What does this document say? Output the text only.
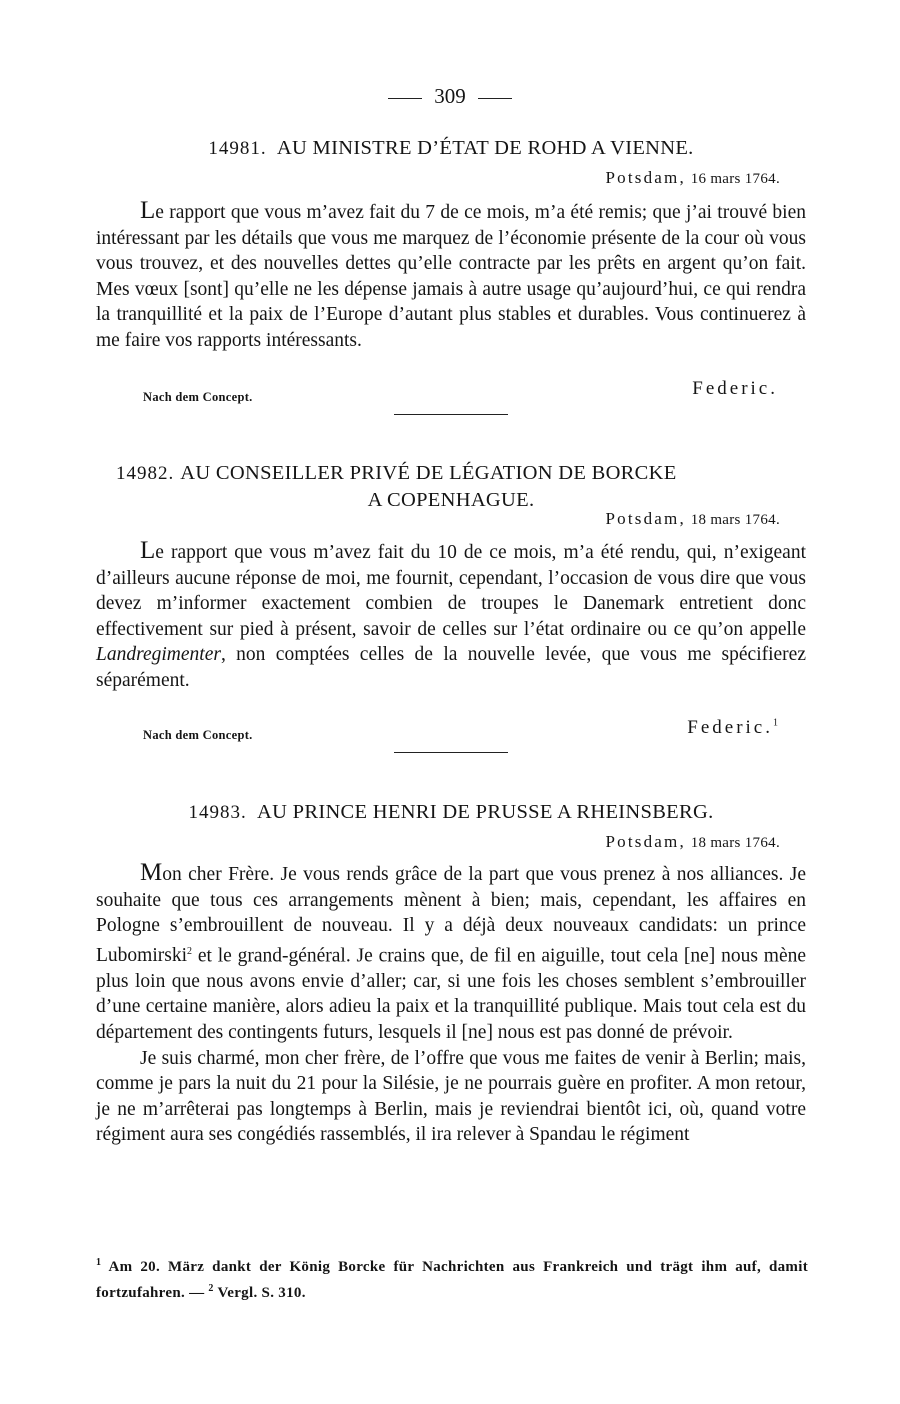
309
14981. AU MINISTRE D’ÉTAT DE ROHD A VIENNE.
Potsdam, 16 mars 1764.

Le rapport que vous m’avez fait du 7 de ce mois, m’a été remis; que j’ai trouvé bien intéressant par les détails que vous me marquez de l’économie présente de la cour où vous vous trouvez, et des nouvelles dettes qu’elle contracte par les prêts en argent qu’on fait. Mes vœux [sont] qu’elle ne les dépense jamais à autre usage qu’aujourd’hui, ce qui rendra la tranquillité et la paix de l’Europe d’autant plus stables et durables. Vous continuerez à me faire vos rapports intéressants.

Nach dem Concept.	Federic.
14982. AU CONSEILLER PRIVÉ DE LÉGATION DE BORCKE
A COPENHAGUE.
Potsdam, 18 mars 1764.

Le rapport que vous m’avez fait du 10 de ce mois, m’a été rendu, qui, n’exigeant d’ailleurs aucune réponse de moi, me fournit, cependant, l’occasion de vous dire que vous devez m’informer exactement combien de troupes le Danemark entretient donc effectivement sur pied à présent, savoir de celles sur l’état ordinaire ou ce qu’on appelle Landregimenter, non comptées celles de la nouvelle levée, que vous me spécifierez séparément.

Nach dem Concept.	Federic.$^1$
14983. AU PRINCE HENRI DE PRUSSE A RHEINSBERG.
Potsdam, 18 mars 1764.

Mon cher Frère. Je vous rends grâce de la part que vous prenez à nos alliances. Je souhaite que tous ces arrangements mènent à bien; mais, cependant, les affaires en Pologne s’embrouillent de nouveau. Il y a déjà deux nouveaux candidats: un prince Lubomirski$^2$ et le grand-général. Je crains que, de fil en aiguille, tout cela [ne] nous mène plus loin que nous avons envie d’aller; car, si une fois les choses semblent s’embrouiller d’une certaine manière, alors adieu la paix et la tranquillité publique. Mais tout cela est du département des contingents futurs, lesquels il [ne] nous est pas donné de prévoir.

Je suis charmé, mon cher frère, de l’offre que vous me faites de venir à Berlin; mais, comme je pars la nuit du 21 pour la Silésie, je ne pourrais guère en profiter. A mon retour, je ne m’arrêterai pas longtemps à Berlin, mais je reviendrai bientôt ici, où, quand votre régiment aura ses congédiés rassemblés, il ira relever à Spandau le régiment

$^1$ Am 20. März dankt der König Borcke für Nachrichten aus Frankreich und trägt ihm auf, damit fortzufahren. — $^2$ Vergl. S. 310.
